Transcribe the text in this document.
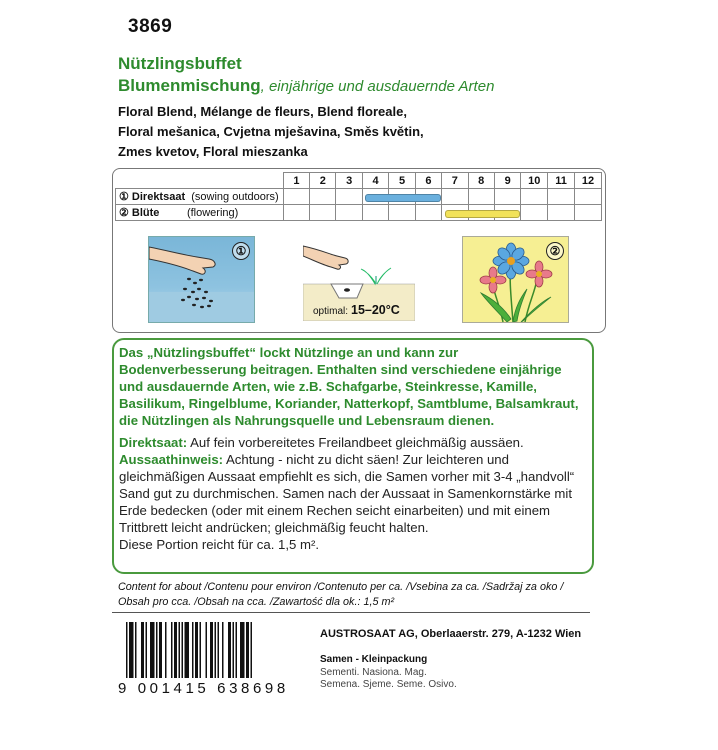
3869
Nützlingsbuffet
Blumenmischung, einjährige und ausdauernde Arten
Floral Blend, Mélange de fleurs, Blend floreale,
Floral mešanica, Cvjetna mješavina, Směs květin,
Zmes kvetov, Floral mieszanka
	1	2	3	4	5	6	7	8	9	10	11	12
① Direktsaat (sowing outdoors)												
② Blüte (flowering)												
①
optimal: 15–20°C
②
Das „Nützlingsbuffet“ lockt Nützlinge an und kann zur Bodenverbesserung beitragen. Enthalten sind verschiedene einjährige und ausdauernde Arten, wie z.B. Schafgarbe, Steinkresse, Kamille, Basilikum, Ringelblume, Koriander, Natterkopf, Samtblume, Balsamkraut, die Nützlingen als Nahrungsquelle und Lebensraum dienen.
Direktsaat: Auf fein vorbereitetes Freilandbeet gleichmäßig aussäen.
Aussaathinweis: Achtung - nicht zu dicht säen! Zur leichteren und gleichmäßigen Aussaat empfiehlt es sich, die Samen vorher mit 3-4 „handvoll“ Sand gut zu durchmischen. Samen nach der Aussaat in Samenkornstärke mit Erde bedecken (oder mit einem Rechen seicht einarbeiten) und mit einem Trittbrett leicht andrücken; gleichmäßig feucht halten.
Diese Portion reicht für ca. 1,5 m².
Content for about /Contenu pour environ /Contenuto per ca. /Vsebina za ca. /Sadržaj za oko /
Obsah pro cca. /Obsah na cca. /Zawartość dla ok.: 1,5 m²
9 001415 638698
AUSTROSAAT AG, Oberlaaerstr. 279, A-1232 Wien
Samen - Kleinpackung
Sementi. Nasiona. Mag.
Semena. Sjeme. Seme. Osivo.
